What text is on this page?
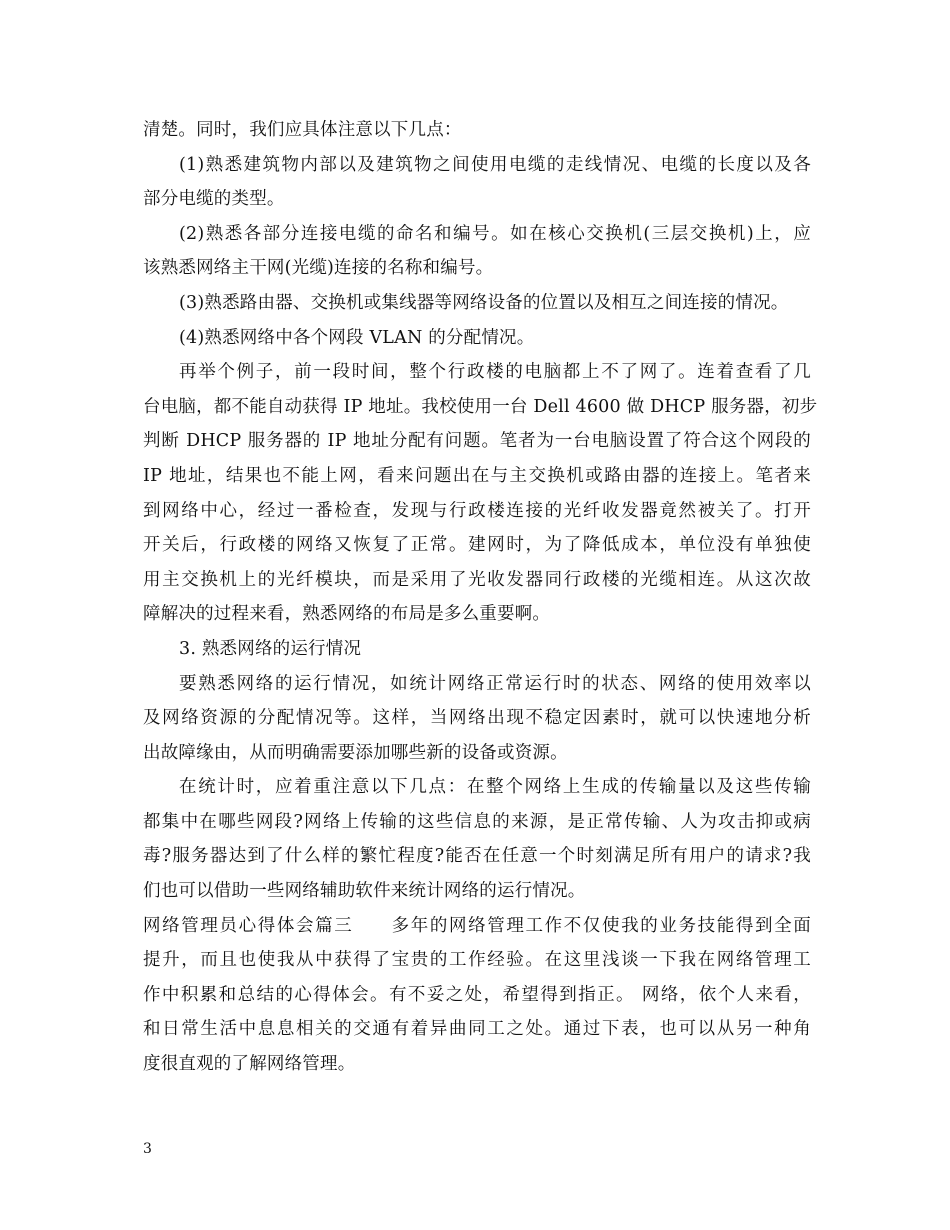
清楚。同时，我们应具体注意以下几点：
(1)熟悉建筑物内部以及建筑物之间使用电缆的走线情况、电缆的长度以及各
部分电缆的类型。
(2)熟悉各部分连接电缆的命名和编号。如在核心交换机(三层交换机)上，应
该熟悉网络主干网(光缆)连接的名称和编号。
(3)熟悉路由器、交换机或集线器等网络设备的位置以及相互之间连接的情况。
(4)熟悉网络中各个网段 VLAN 的分配情况。
再举个例子，前一段时间，整个行政楼的电脑都上不了网了。连着查看了几
台电脑，都不能自动获得 IP 地址。我校使用一台 Dell 4600 做 DHCP 服务器，初步
判断 DHCP 服务器的 IP 地址分配有问题。笔者为一台电脑设置了符合这个网段的
IP 地址，结果也不能上网，看来问题出在与主交换机或路由器的连接上。笔者来
到网络中心，经过一番检查，发现与行政楼连接的光纤收发器竟然被关了。打开
开关后，行政楼的网络又恢复了正常。建网时，为了降低成本，单位没有单独使
用主交换机上的光纤模块，而是采用了光收发器同行政楼的光缆相连。从这次故
障解决的过程来看，熟悉网络的布局是多么重要啊。
3. 熟悉网络的运行情况
要熟悉网络的运行情况，如统计网络正常运行时的状态、网络的使用效率以
及网络资源的分配情况等。这样，当网络出现不稳定因素时，就可以快速地分析
出故障缘由，从而明确需要添加哪些新的设备或资源。
在统计时，应着重注意以下几点：在整个网络上生成的传输量以及这些传输
都集中在哪些网段?网络上传输的这些信息的来源，是正常传输、人为攻击抑或病
毒?服务器达到了什么样的繁忙程度?能否在任意一个时刻满足所有用户的请求?我
们也可以借助一些网络辅助软件来统计网络的运行情况。
网络管理员心得体会篇三　　多年的网络管理工作不仅使我的业务技能得到全面
提升，而且也使我从中获得了宝贵的工作经验。在这里浅谈一下我在网络管理工
作中积累和总结的心得体会。有不妥之处，希望得到指正。 网络，依个人来看，
和日常生活中息息相关的交通有着异曲同工之处。通过下表，也可以从另一种角
度很直观的了解网络管理。
3
